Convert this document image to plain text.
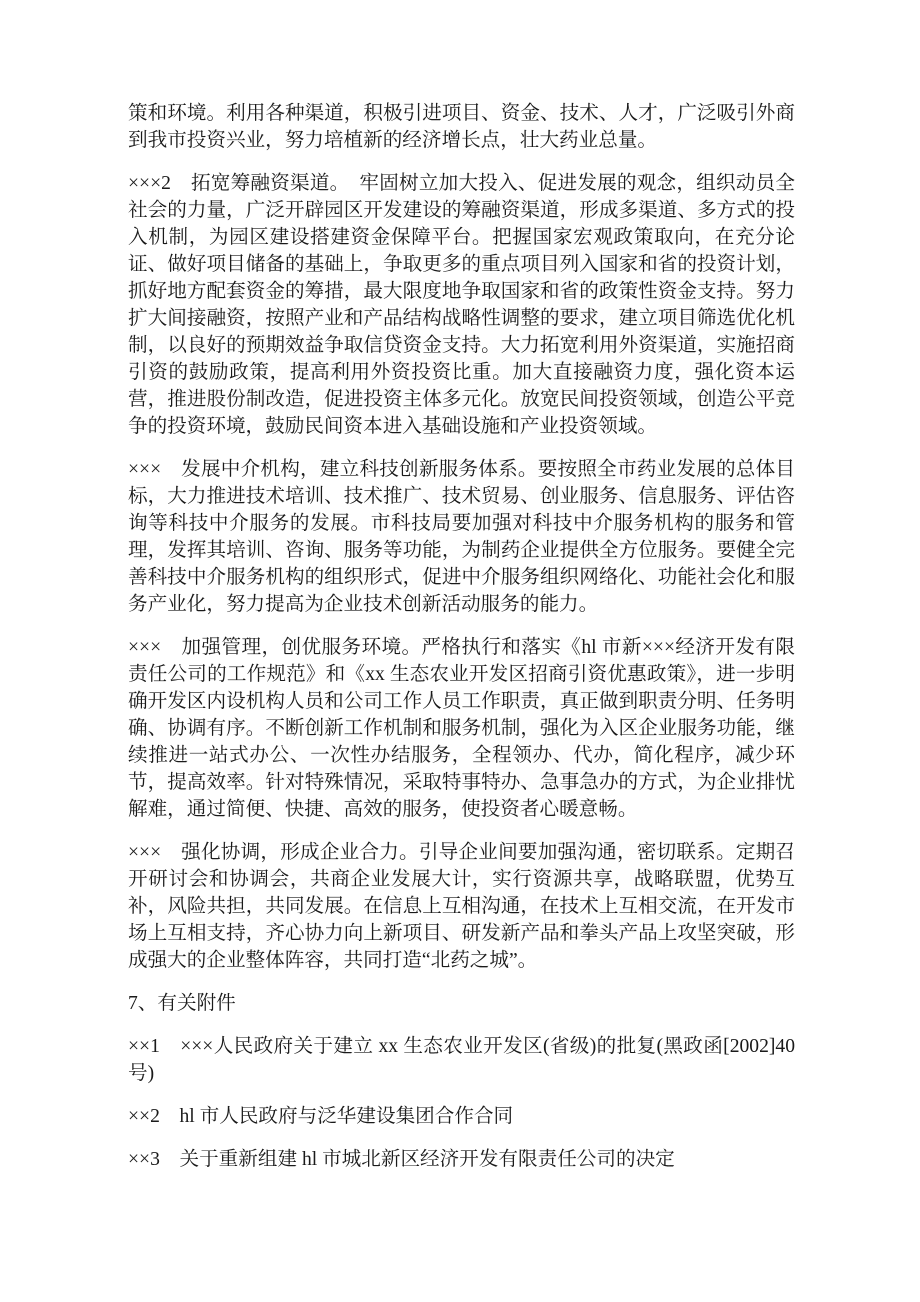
策和环境。利用各种渠道，积极引进项目、资金、技术、人才，广泛吸引外商到我市投资兴业，努力培植新的经济增长点，壮大药业总量。

×××2　拓宽筹融资渠道。　牢固树立加大投入、促进发展的观念，组织动员全社会的力量，广泛开辟园区开发建设的筹融资渠道，形成多渠道、多方式的投入机制，为园区建设搭建资金保障平台。把握国家宏观政策取向，在充分论证、做好项目储备的基础上，争取更多的重点项目列入国家和省的投资计划，抓好地方配套资金的筹措，最大限度地争取国家和省的政策性资金支持。努力扩大间接融资，按照产业和产品结构战略性调整的要求，建立项目筛选优化机制，以良好的预期效益争取信贷资金支持。大力拓宽利用外资渠道，实施招商引资的鼓励政策，提高利用外资投资比重。加大直接融资力度，强化资本运营，推进股份制改造，促进投资主体多元化。放宽民间投资领域，创造公平竞争的投资环境，鼓励民间资本进入基础设施和产业投资领域。

×××　发展中介机构，建立科技创新服务体系。要按照全市药业发展的总体目标，大力推进技术培训、技术推广、技术贸易、创业服务、信息服务、评估咨询等科技中介服务的发展。市科技局要加强对科技中介服务机构的服务和管理，发挥其培训、咨询、服务等功能，为制药企业提供全方位服务。要健全完善科技中介服务机构的组织形式，促进中介服务组织网络化、功能社会化和服务产业化，努力提高为企业技术创新活动服务的能力。

×××　加强管理，创优服务环境。严格执行和落实《hl 市新×××经济开发有限责任公司的工作规范》和《xx 生态农业开发区招商引资优惠政策》，进一步明确开发区内设机构人员和公司工作人员工作职责，真正做到职责分明、任务明确、协调有序。不断创新工作机制和服务机制，强化为入区企业服务功能，继续推进一站式办公、一次性办结服务，全程领办、代办，简化程序，减少环节，提高效率。针对特殊情况，采取特事特办、急事急办的方式，为企业排忧解难，通过简便、快捷、高效的服务，使投资者心暖意畅。

×××　强化协调，形成企业合力。引导企业间要加强沟通，密切联系。定期召开研讨会和协调会，共商企业发展大计，实行资源共享，战略联盟，优势互补，风险共担，共同发展。在信息上互相沟通，在技术上互相交流，在开发市场上互相支持，齐心协力向上新项目、研发新产品和拳头产品上攻坚突破，形成强大的企业整体阵容，共同打造“北药之城”。

7、有关附件

××1　×××人民政府关于建立 xx 生态农业开发区(省级)的批复(黑政函[2002]40 号)

××2　hl 市人民政府与泛华建设集团合作合同

××3　关于重新组建 hl 市城北新区经济开发有限责任公司的决定
